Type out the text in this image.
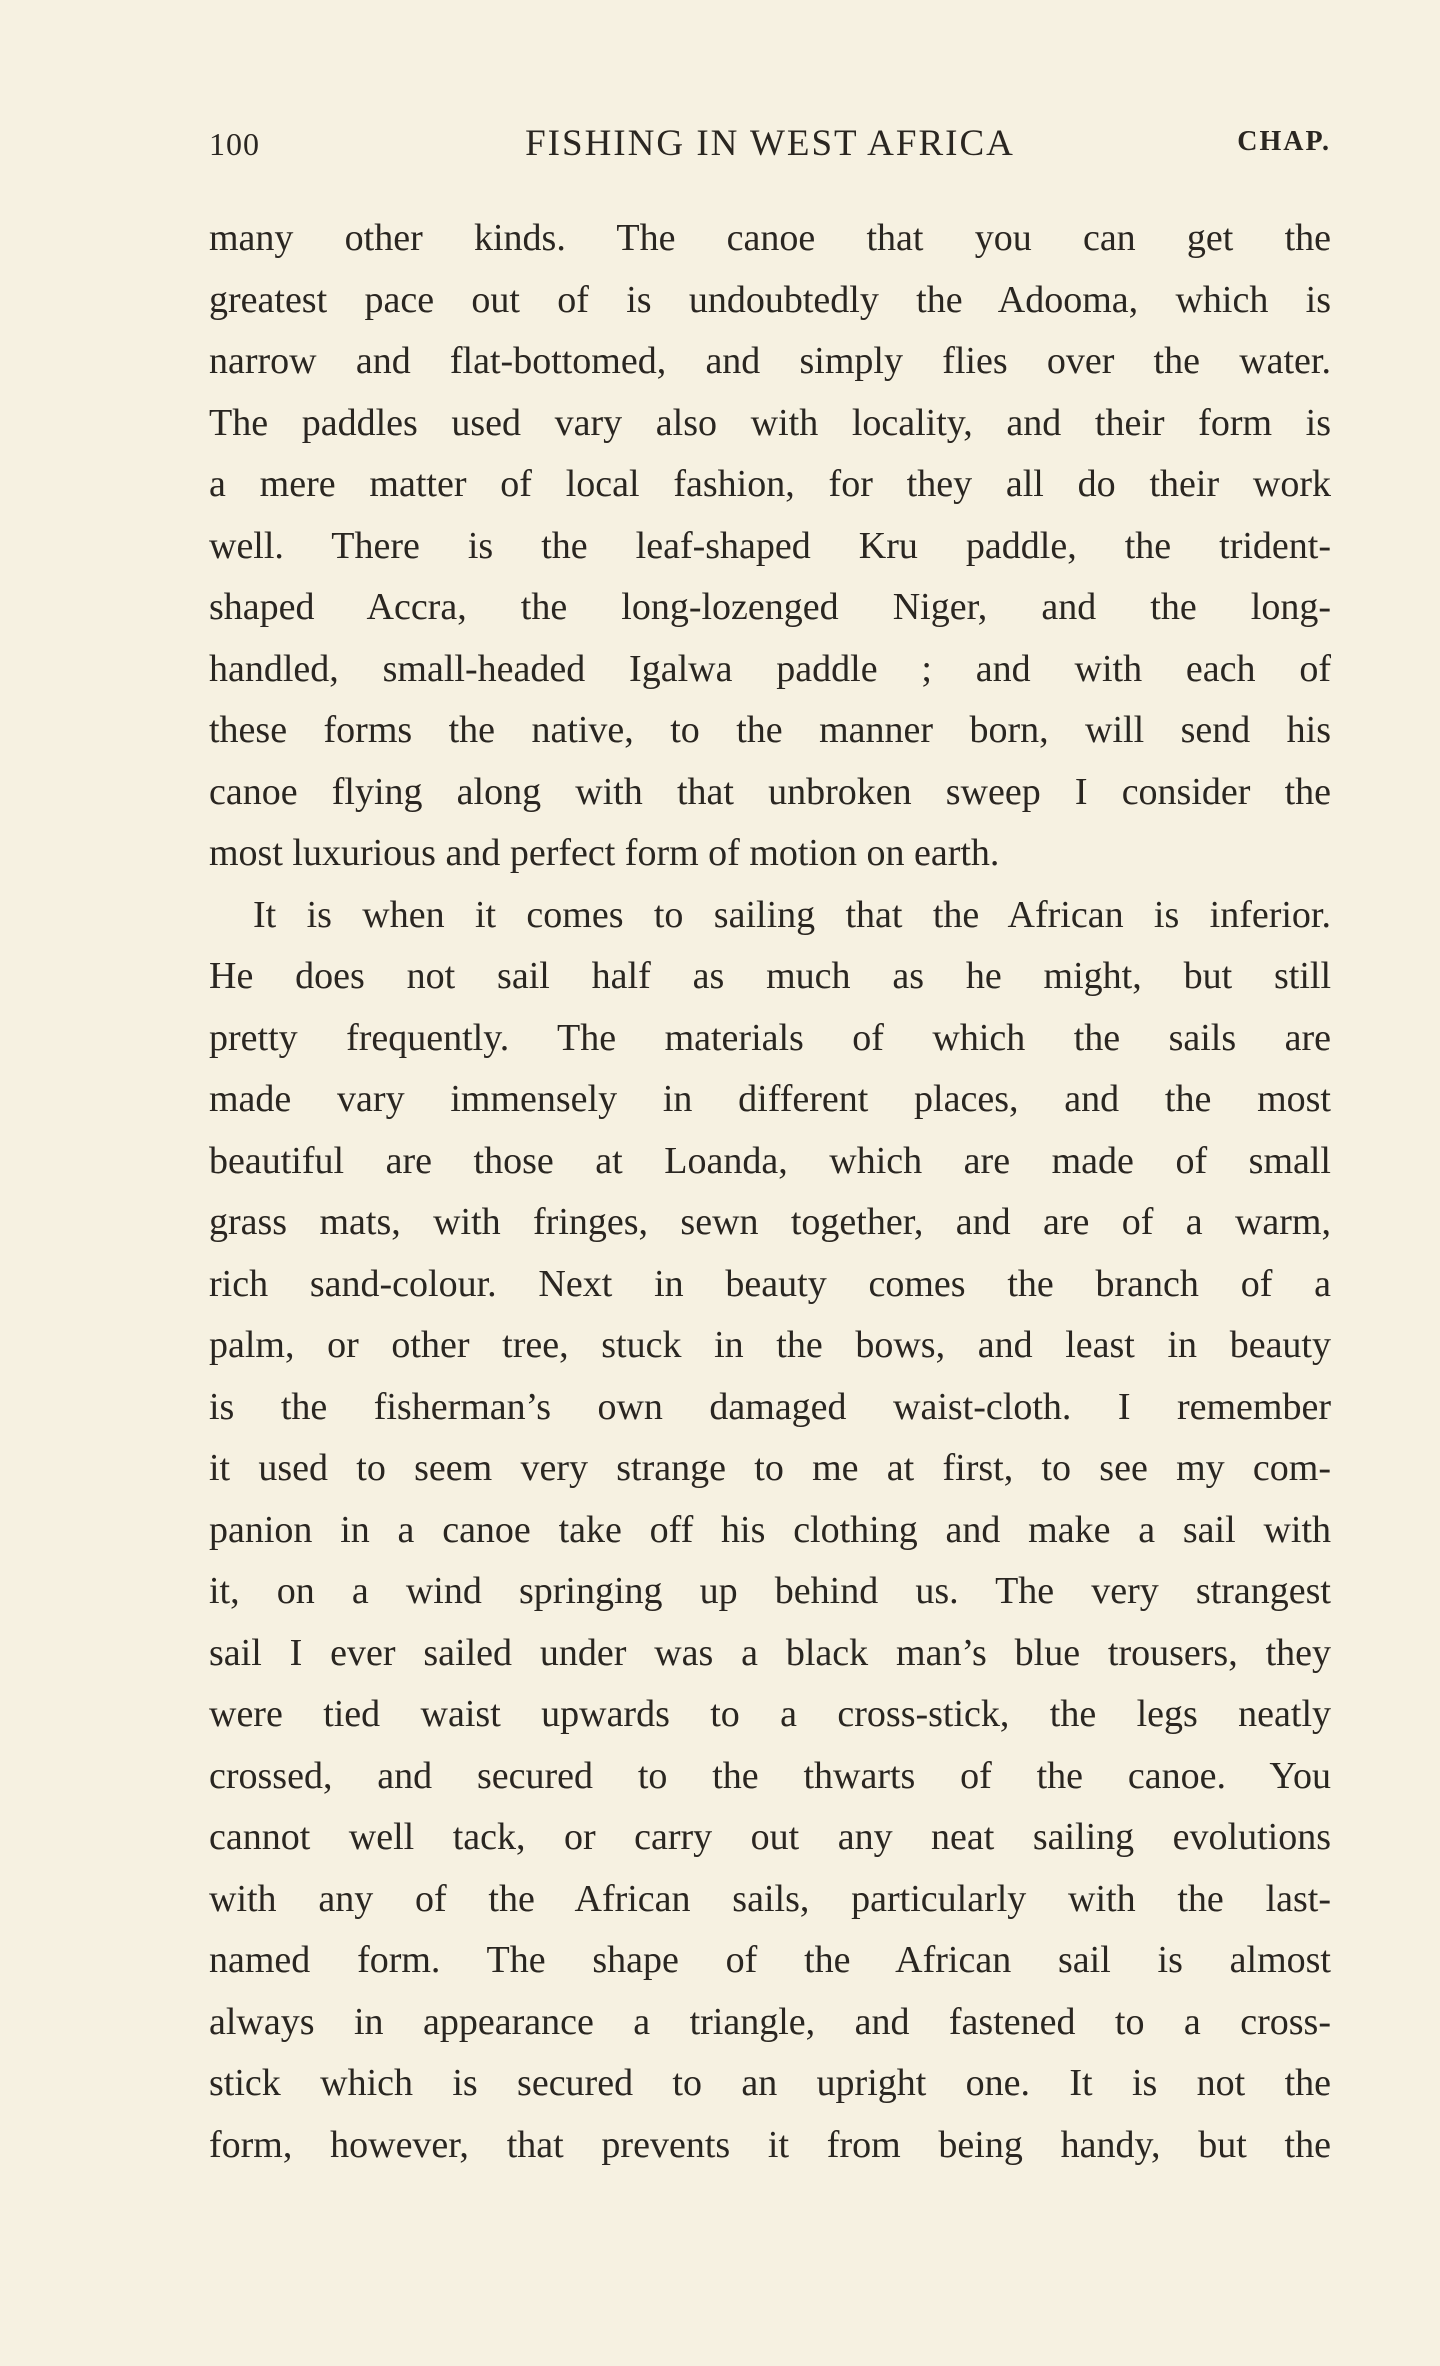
100	FISHING IN WEST AFRICA	CHAP.
many other kinds. The canoe that you can get the
greatest pace out of is undoubtedly the Adooma, which is
narrow and flat-bottomed, and simply flies over the water.
The paddles used vary also with locality, and their form is
a mere matter of local fashion, for they all do their work
well. There is the leaf-shaped Kru paddle, the trident-
shaped Accra, the long-lozenged Niger, and the long-
handled, small-headed Igalwa paddle ; and with each of
these forms the native, to the manner born, will send his
canoe flying along with that unbroken sweep I consider the
most luxurious and perfect form of motion on earth.
It is when it comes to sailing that the African is inferior.
He does not sail half as much as he might, but still
pretty frequently. The materials of which the sails are
made vary immensely in different places, and the most
beautiful are those at Loanda, which are made of small
grass mats, with fringes, sewn together, and are of a warm,
rich sand-colour. Next in beauty comes the branch of a
palm, or other tree, stuck in the bows, and least in beauty
is the fisherman’s own damaged waist-cloth. I remember
it used to seem very strange to me at first, to see my com-
panion in a canoe take off his clothing and make a sail with
it, on a wind springing up behind us. The very strangest
sail I ever sailed under was a black man’s blue trousers, they
were tied waist upwards to a cross-stick, the legs neatly
crossed, and secured to the thwarts of the canoe. You
cannot well tack, or carry out any neat sailing evolutions
with any of the African sails, particularly with the last-
named form. The shape of the African sail is almost
always in appearance a triangle, and fastened to a cross-
stick which is secured to an upright one. It is not the
form, however, that prevents it from being handy, but the
